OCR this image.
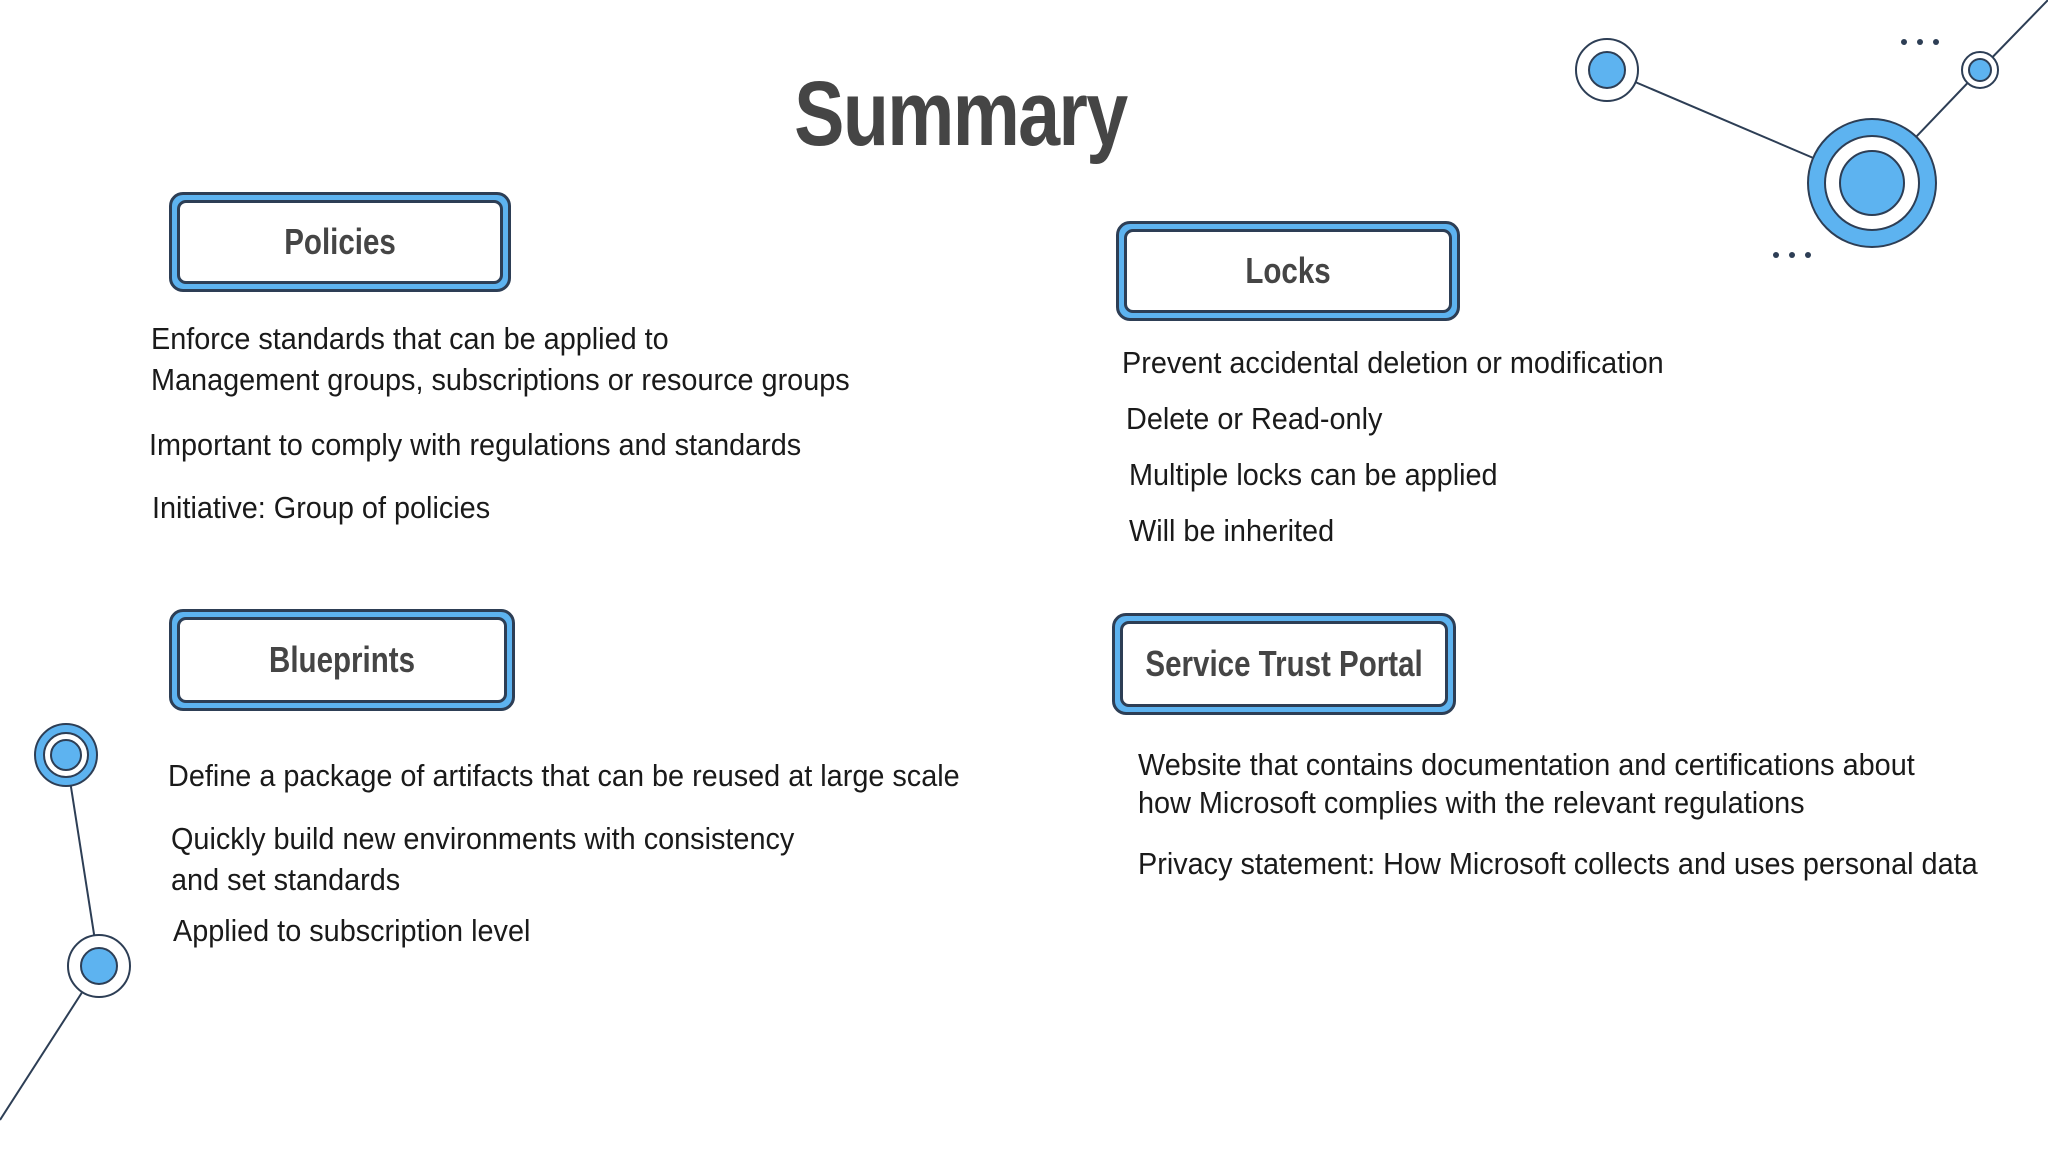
Summary
Policies
Enforce standards that can be applied to
Management groups, subscriptions or resource groups
Important to comply with regulations and standards
Initiative: Group of policies
Locks
Prevent accidental deletion or modification
Delete or Read-only
Multiple locks can be applied
Will be inherited
Blueprints
Define a package of artifacts that can be reused at large scale
Quickly build new environments with consistency
and set standards
Applied to subscription level
Service Trust Portal
Website that contains documentation and certifications about
how Microsoft complies with the relevant regulations
Privacy statement: How Microsoft collects and uses personal data
